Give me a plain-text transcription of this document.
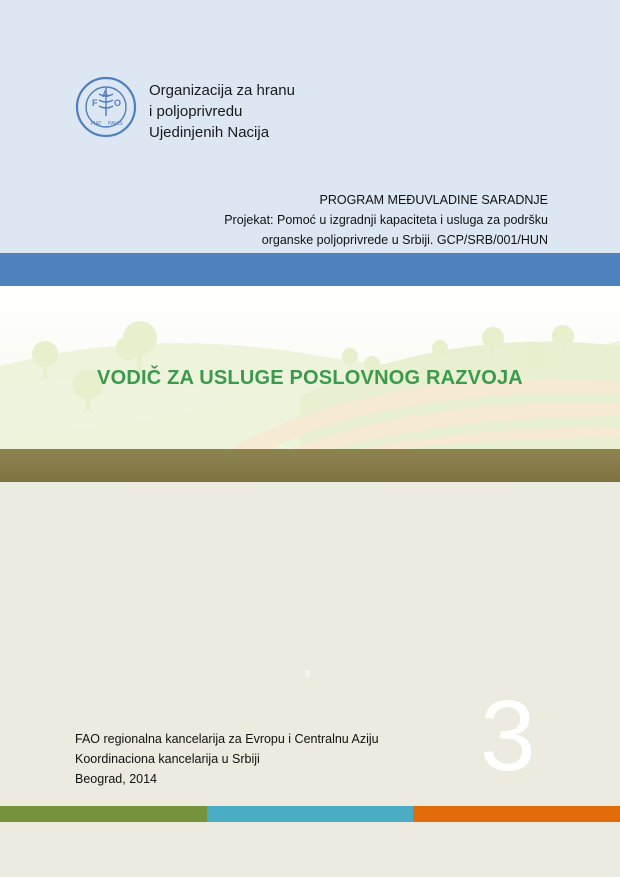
F O
A
FIAT PANIS
Organizacija za hranu
i poljoprivredu
Ujedinjenih Nacija
PROGRAM MEĐUVLADINE SARADNJE
Projekat: Pomoć u izgradnji kapaciteta i usluga za podršku
organske poljoprivrede u Srbiji. GCP/SRB/001/HUN
VODIČ ZA USLUGE POSLOVNOG RAZVOJA
8
3
FAO regionalna kancelarija za Evropu i Centralnu Aziju
Koordinaciona kancelarija u Srbiji
Beograd, 2014
